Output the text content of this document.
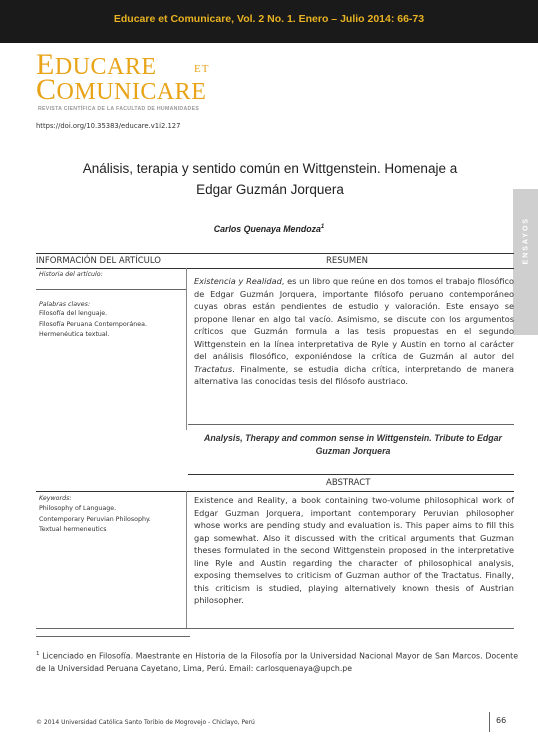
Educare et Comunicare, Vol. 2 No. 1. Enero – Julio 2014: 66-73
EDUCARE	ET
COMUNICARE
REVISTA CIENTÍFICA DE LA FACULTAD DE HUMANIDADES
https://doi.org/10.35383/educare.v1i2.127
Análisis, terapia y sentido común en Wittgenstein. Homenaje a
Edgar Guzmán Jorquera
Carlos Quenaya Mendoza$^1$	ENSAYOS
INFORMACIÓN DEL ARTÍCULO	RESUMEN
Historia del artículo:
Palabras claves:
Filosofía del lenguaje.
Filosofía Peruana Contemporánea.
Hermenéutica textual.

Existencia y Realidad, es un libro que reúne en dos tomos el trabajo filosófico de Edgar Guzmán Jorquera, importante filósofo peruano contemporáneo cuyas obras están pendientes de estudio y valoración. Este ensayo se propone llenar en algo tal vacío. Asimismo, se discute con los argumentos críticos que Guzmán formula a las tesis propuestas en el segundo Wittgenstein en la línea interpretativa de Ryle y Austin en torno al carácter del análisis filosófico, exponiéndose la crítica de Guzmán al autor del Tractatus. Finalmente, se estudia dicha crítica, interpretando de manera alternativa las conocidas tesis del filósofo austriaco.

Analysis, Therapy and common sense in Wittgenstein. Tribute to Edgar Guzman Jorquera
ABSTRACT
Keywords:
Philosophy of Language.
Contemporary Peruvian Philosophy.
Textual hermeneutics

Existence and Reality, a book containing two-volume philosophical work of Edgar Guzman Jorquera, important contemporary Peruvian philosopher whose works are pending study and evaluation is. This paper aims to fill this gap somewhat. Also it discussed with the critical arguments that Guzman theses formulated in the second Wittgenstein proposed in the interpretative line Ryle and Austin regarding the character of philosophical analysis, exposing themselves to criticism of Guzman author of the Tractatus. Finally, this criticism is studied, playing alternatively known thesis of Austrian philosopher.

$^1$ Licenciado en Filosofía. Maestrante en Historia de la Filosofía por la Universidad Nacional Mayor de San Marcos. Docente de la Universidad Peruana Cayetano, Lima, Perú. Email: carlosquenaya@upch.pe
© 2014 Universidad Católica Santo Toribio de Mogrovejo - Chiclayo, Perú	66
